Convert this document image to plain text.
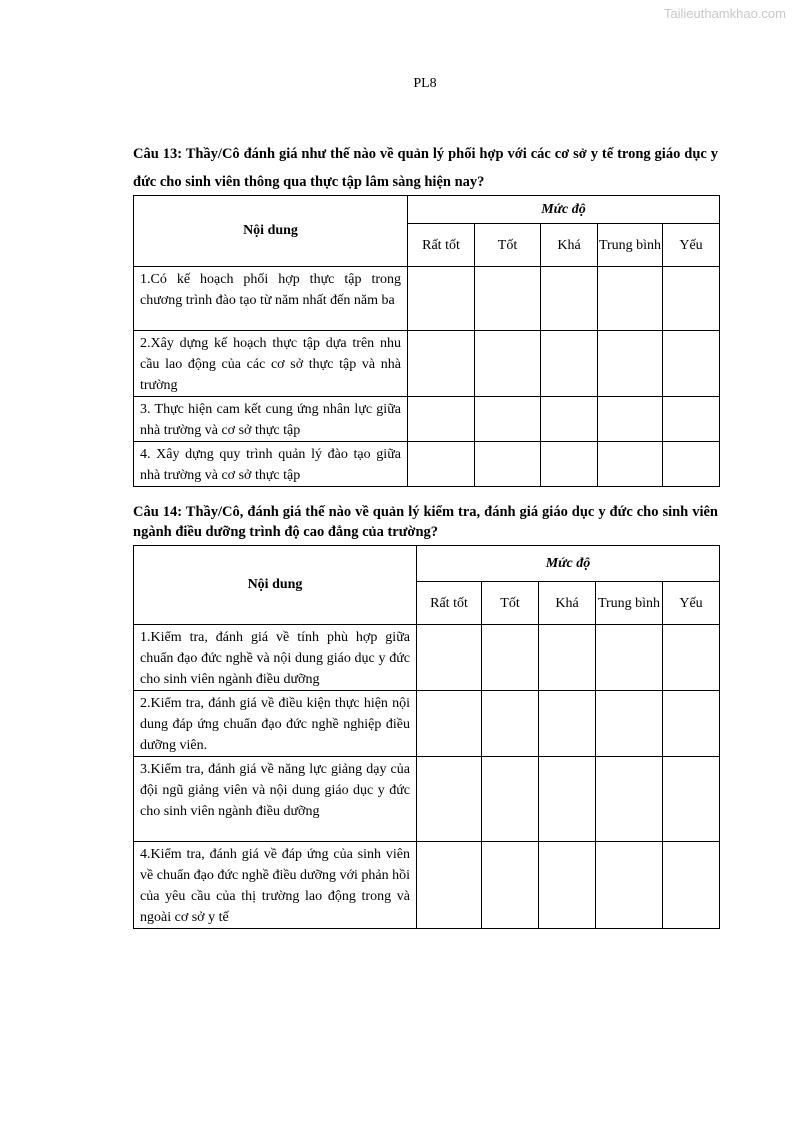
Tailieuthamkhao.com
PL8
Câu 13: Thầy/Cô đánh giá như thế nào về quản lý phối hợp với các cơ sở y tế trong giáo dục y đức cho sinh viên thông qua thực tập lâm sàng hiện nay?
Nội dung	Mức độ				
	Rất tốt	Tốt	Khá	Trung bình	Yếu
1.Có kế hoạch phối hợp thực tập trong chương trình đào tạo từ năm nhất đến năm ba					
2.Xây dựng kế hoạch thực tập dựa trên nhu cầu lao động của các cơ sở thực tập và nhà trường					
3. Thực hiện cam kết cung ứng nhân lực giữa nhà trường và cơ sở thực tập					
4. Xây dựng quy trình quản lý đào tạo giữa nhà trường và cơ sở thực tập					
Câu 14: Thầy/Cô, đánh giá thế nào về quản lý kiểm tra, đánh giá giáo dục y đức cho sinh viên ngành điều dưỡng trình độ cao đẳng của trường?
Nội dung	Mức độ				
	Rất tốt	Tốt	Khá	Trung bình	Yếu
1.Kiểm tra, đánh giá về tính phù hợp giữa chuẩn đạo đức nghề và nội dung giáo dục y đức cho sinh viên ngành điều dưỡng					
2.Kiểm tra, đánh giá về điều kiện thực hiện nội dung đáp ứng chuẩn đạo đức nghề nghiệp điều dưỡng viên.					
3.Kiểm tra, đánh giá về năng lực giảng dạy của đội ngũ giảng viên và nội dung giáo dục y đức cho sinh viên ngành điều dưỡng					
4.Kiểm tra, đánh giá về đáp ứng của sinh viên về chuẩn đạo đức nghề điều dưỡng với phản hồi của yêu cầu của thị trường lao động trong và ngoài cơ sở y tế					
